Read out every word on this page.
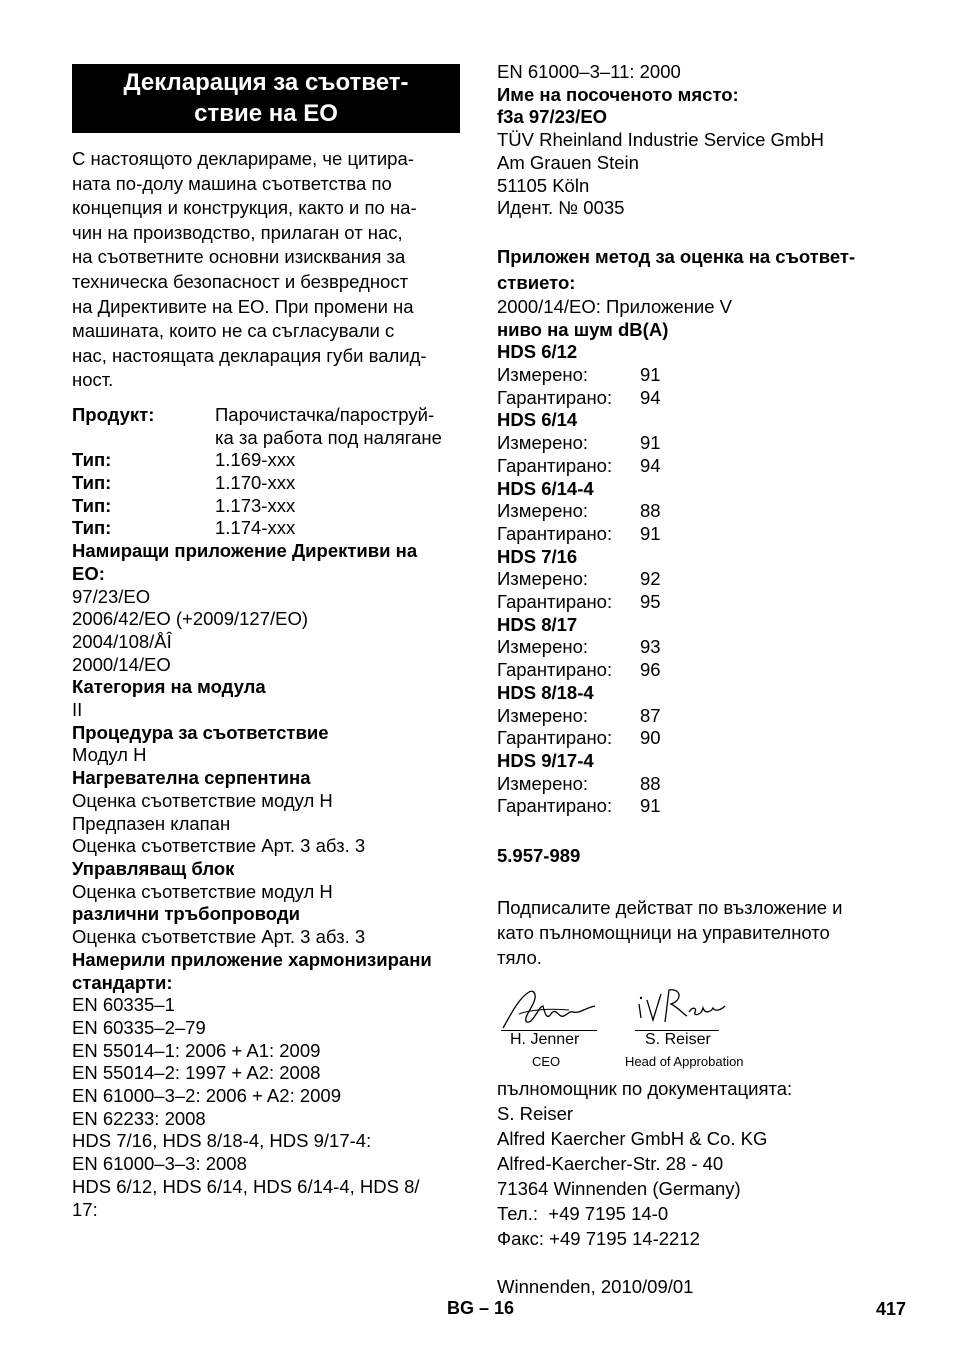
Декларация за съответ-
ствие на ЕО
С настоящото декларираме, че цитира-
ната по-долу машина съответства по
концепция и конструкция, както и по на-
чин на производство, прилаган от нас,
на съответните основни изисквания за
техническа безопасност и безвредност
на Директивите на ЕО. При промени на
машината, които не са съгласували с
нас, настоящата декларация губи валид-
ност.
Продукт:	Парочистачка/пароструй-
ка за работа под налягане
Тип:	1.169-xxx
Тип:	1.170-xxx
Тип:	1.173-xxx
Тип:	1.174-xxx
Намиращи приложение Директиви на
ЕО:
97/23/ЕО
2006/42/ЕО (+2009/127/ЕО)
2004/108/ÅÎ
2000/14/ЕО
Категория на модула
II
Процедура за съответствие
Модул H
Нагревателна серпентина
Оценка съответствие модул H
Предпазен клапан
Оценка съответствие Арт. 3 абз. 3
Управляващ блок
Оценка съответствие модул H
различни тръбопроводи
Оценка съответствие Арт. 3 абз. 3
Намерили приложение хармонизирани
стандарти:
EN 60335–1
EN 60335–2–79
EN 55014–1: 2006 + A1: 2009
EN 55014–2: 1997 + A2: 2008
EN 61000–3–2: 2006 + A2: 2009
EN 62233: 2008
HDS 7/16, HDS 8/18-4, HDS 9/17-4:
EN 61000–3–3: 2008
HDS 6/12, HDS 6/14, HDS 6/14-4, HDS 8/
17:
EN 61000–3–11: 2000
Име на посоченото място:
f3а 97/23/ЕО
TÜV Rheinland Industrie Service GmbH
Am Grauen Stein
51105 Köln
Идент. № 0035
Приложен метод за оценка на съответ-
ствието:
2000/14/ЕО: Приложение V
ниво на шум dB(A)
HDS 6/12
Измерено:	91
Гарантирано:	94
HDS 6/14
Измерено:	91
Гарантирано:	94
HDS 6/14-4
Измерено:	88
Гарантирано:	91
HDS 7/16
Измерено:	92
Гарантирано:	95
HDS 8/17
Измерено:	93
Гарантирано:	96
HDS 8/18-4
Измерено:	87
Гарантирано:	90
HDS 9/17-4
Измерено:	88
Гарантирано:	91
5.957-989
Подписалите действат по възложение и
като пълномощници на управителното
тяло.
H. Jenner
CEO
S. Reiser
Head of Approbation
пълномощник по документацията:
S. Reiser
Alfred Kaercher GmbH & Co. KG
Alfred-Kaercher-Str. 28 - 40
71364 Winnenden (Germany)
Тел.:  +49 7195 14-0
Факс: +49 7195 14-2212
Winnenden, 2010/09/01
BG – 16	417
